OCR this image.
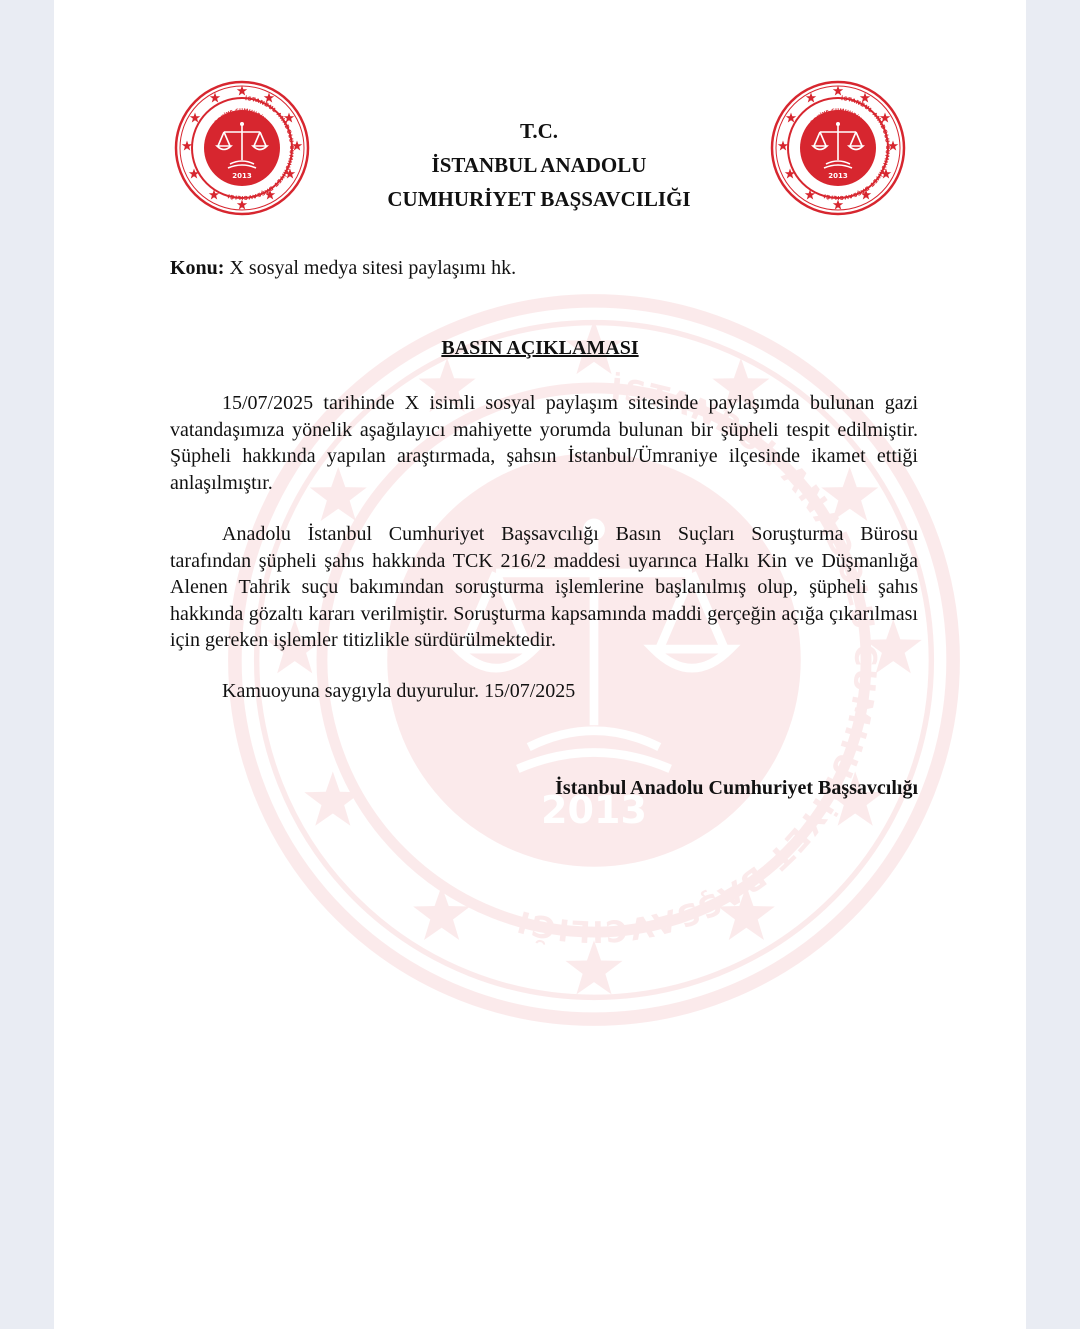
TÜRKİYE CUMHURİYETİ	TÜRKİYE CUMHURİYETİ
T.C.
İSTANBUL ANADOLU
CUMHURİYET BAŞSAVCILIĞI
Konu: X sosyal medya sitesi paylaşımı hk.
BASIN AÇIKLAMASI

15/07/2025 tarihinde X isimli sosyal paylaşım sitesinde paylaşımda bulunan gazi vatandaşımıza yönelik aşağılayıcı mahiyette yorumda bulunan bir şüpheli tespit edilmiştir. Şüpheli hakkında yapılan araştırmada, şahsın İstanbul/Ümraniye ilçesinde ikamet ettiği anlaşılmıştır.

Anadolu İstanbul Cumhuriyet Başsavcılığı Basın Suçları Soruşturma Bürosu tarafından şüpheli şahıs hakkında TCK 216/2 maddesi uyarınca Halkı Kin ve Düşmanlığa Alenen Tahrik suçu bakımından soruşturma işlemlerine başlanılmış olup, şüpheli şahıs hakkında gözaltı kararı verilmiştir. Soruşturma kapsamında maddi gerçeğin açığa çıkarılması için gereken işlemler titizlikle sürdürülmektedir.

Kamuoyuna saygıyla duyurulur. 15/07/2025
İstanbul Anadolu Cumhuriyet Başsavcılığı
